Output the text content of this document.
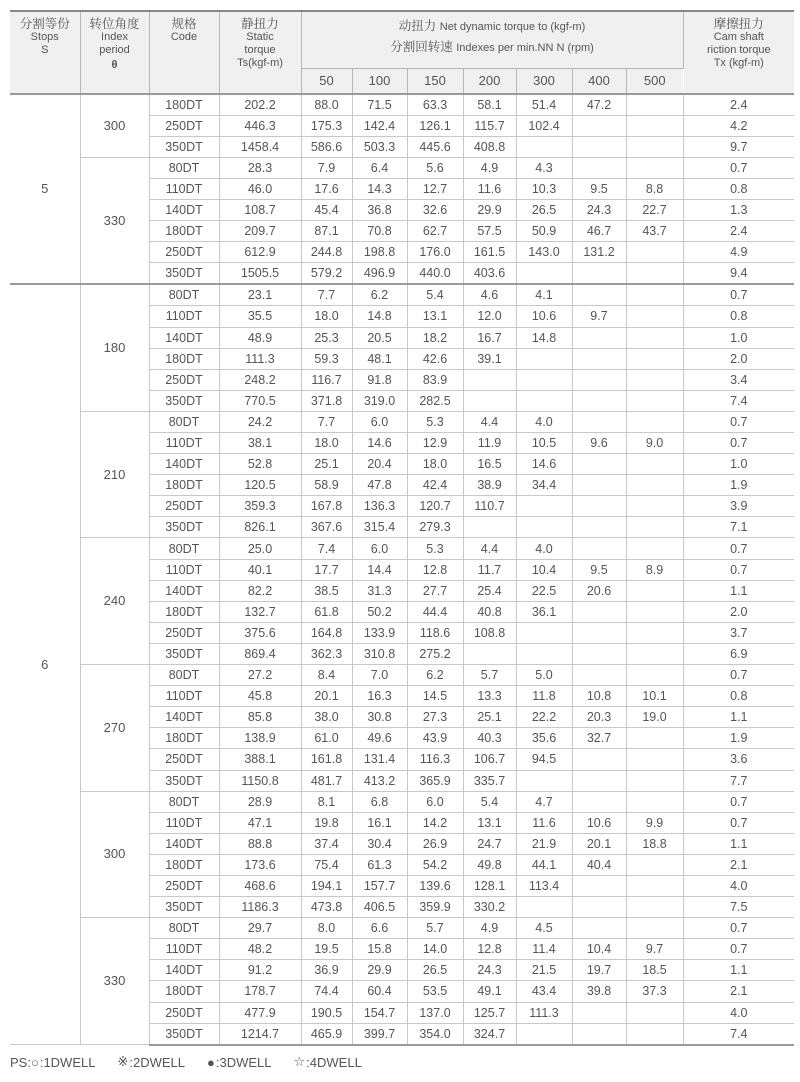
分割等份
Stops
S	转位角度
Index
period
θ	规格
Code	静扭力
Static
torque
Ts(kgf-m)	动扭力 Net dynamic torque to (kgf-m)
分割回转速 Indexes per min.NN N (rpm)							摩擦扭力
Cam shaft
riction torque
Tx (kgf-m)

				50	100	150	200	300	400	500	
5	300	180DT	202.2	88.0	71.5	63.3	58.1	51.4	47.2		2.4
		250DT	446.3	175.3	142.4	126.1	115.7	102.4			4.2
		350DT	1458.4	586.6	503.3	445.6	408.8				9.7
	330	80DT	28.3	7.9	6.4	5.6	4.9	4.3			0.7
		110DT	46.0	17.6	14.3	12.7	11.6	10.3	9.5	8.8	0.8
		140DT	108.7	45.4	36.8	32.6	29.9	26.5	24.3	22.7	1.3
		180DT	209.7	87.1	70.8	62.7	57.5	50.9	46.7	43.7	2.4
		250DT	612.9	244.8	198.8	176.0	161.5	143.0	131.2		4.9
		350DT	1505.5	579.2	496.9	440.0	403.6				9.4
6	180	80DT	23.1	7.7	6.2	5.4	4.6	4.1			0.7
		110DT	35.5	18.0	14.8	13.1	12.0	10.6	9.7		0.8
		140DT	48.9	25.3	20.5	18.2	16.7	14.8			1.0
		180DT	111.3	59.3	48.1	42.6	39.1				2.0
		250DT	248.2	116.7	91.8	83.9					3.4
		350DT	770.5	371.8	319.0	282.5					7.4
	210	80DT	24.2	7.7	6.0	5.3	4.4	4.0			0.7
		110DT	38.1	18.0	14.6	12.9	11.9	10.5	9.6	9.0	0.7
		140DT	52.8	25.1	20.4	18.0	16.5	14.6			1.0
		180DT	120.5	58.9	47.8	42.4	38.9	34.4			1.9
		250DT	359.3	167.8	136.3	120.7	110.7				3.9
		350DT	826.1	367.6	315.4	279.3					7.1
	240	80DT	25.0	7.4	6.0	5.3	4.4	4.0			0.7
		110DT	40.1	17.7	14.4	12.8	11.7	10.4	9.5	8.9	0.7
		140DT	82.2	38.5	31.3	27.7	25.4	22.5	20.6		1.1
		180DT	132.7	61.8	50.2	44.4	40.8	36.1			2.0
		250DT	375.6	164.8	133.9	118.6	108.8				3.7
		350DT	869.4	362.3	310.8	275.2					6.9
	270	80DT	27.2	8.4	7.0	6.2	5.7	5.0			0.7
		110DT	45.8	20.1	16.3	14.5	13.3	11.8	10.8	10.1	0.8
		140DT	85.8	38.0	30.8	27.3	25.1	22.2	20.3	19.0	1.1
		180DT	138.9	61.0	49.6	43.9	40.3	35.6	32.7		1.9
		250DT	388.1	161.8	131.4	116.3	106.7	94.5			3.6
		350DT	1150.8	481.7	413.2	365.9	335.7				7.7
	300	80DT	28.9	8.1	6.8	6.0	5.4	4.7			0.7
		110DT	47.1	19.8	16.1	14.2	13.1	11.6	10.6	9.9	0.7
		140DT	88.8	37.4	30.4	26.9	24.7	21.9	20.1	18.8	1.1
		180DT	173.6	75.4	61.3	54.2	49.8	44.1	40.4		2.1
		250DT	468.6	194.1	157.7	139.6	128.1	113.4			4.0
		350DT	1186.3	473.8	406.5	359.9	330.2				7.5
	330	80DT	29.7	8.0	6.6	5.7	4.9	4.5			0.7
		110DT	48.2	19.5	15.8	14.0	12.8	11.4	10.4	9.7	0.7
		140DT	91.2	36.9	29.9	26.5	24.3	21.5	19.7	18.5	1.1
		180DT	178.7	74.4	60.4	53.5	49.1	43.4	39.8	37.3	2.1
		250DT	477.9	190.5	154.7	137.0	125.7	111.3			4.0
		350DT	1214.7	465.9	399.7	354.0	324.7				7.4
PS: ○ :1DWELL ※ :2DWELL ● :3DWELL ☆ :4DWELL
